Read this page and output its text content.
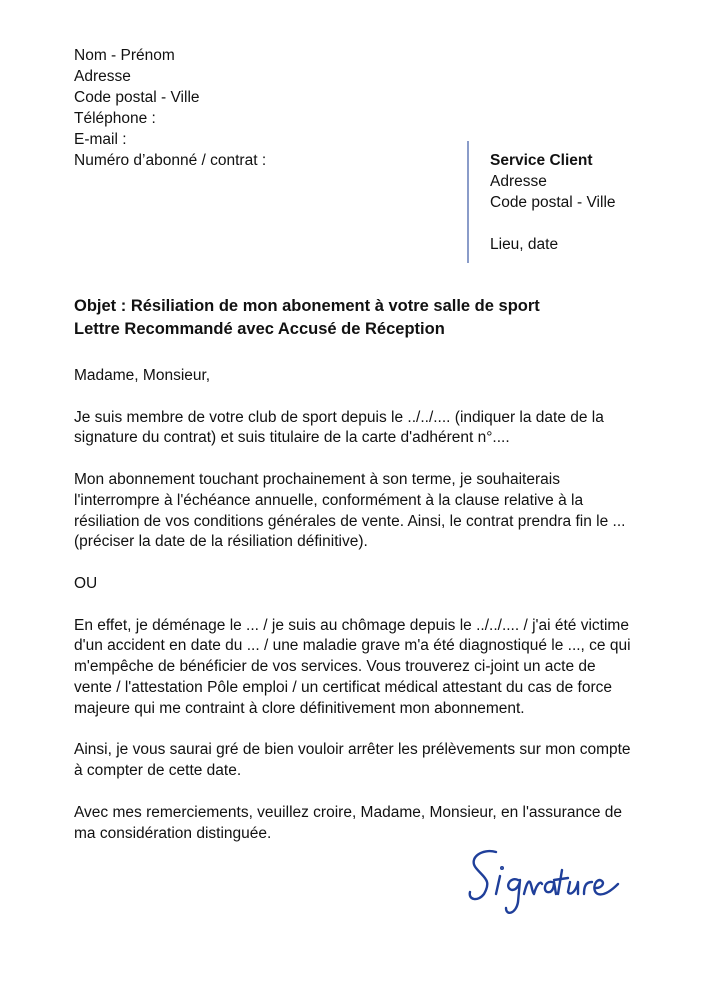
Nom - Prénom
Adresse
Code postal - Ville
Téléphone :
E-mail :
Numéro d’abonné / contrat :	Service Client
Adresse
Code postal - Ville
Lieu, date
Objet : Résiliation de mon abonement à votre salle de sport
Lettre Recommandé avec Accusé de Réception

Madame, Monsieur,

Je suis membre de votre club de sport depuis le ../../.... (indiquer la date de la signature du contrat) et suis titulaire de la carte d'adhérent n°....

Mon abonnement touchant prochainement à son terme, je souhaiterais l'interrompre à l'échéance annuelle, conformément à la clause relative à la résiliation de vos conditions générales de vente. Ainsi, le contrat prendra fin le ...(préciser la date de la résiliation définitive).

OU

En effet, je déménage le ... / je suis au chômage depuis le ../../.... / j'ai été victime d'un accident en date du ... / une maladie grave m'a été diagnostiqué le ..., ce qui m'empêche de bénéficier de vos services. Vous trouverez ci-joint un acte de vente / l'attestation Pôle emploi / un certificat médical attestant du cas de force majeure qui me contraint à clore définitivement mon abonnement.

Ainsi, je vous saurai gré de bien vouloir arrêter les prélèvements sur mon compte à compter de cette date.

Avec mes remerciements, veuillez croire, Madame, Monsieur, en l'assurance de ma considération distinguée.
